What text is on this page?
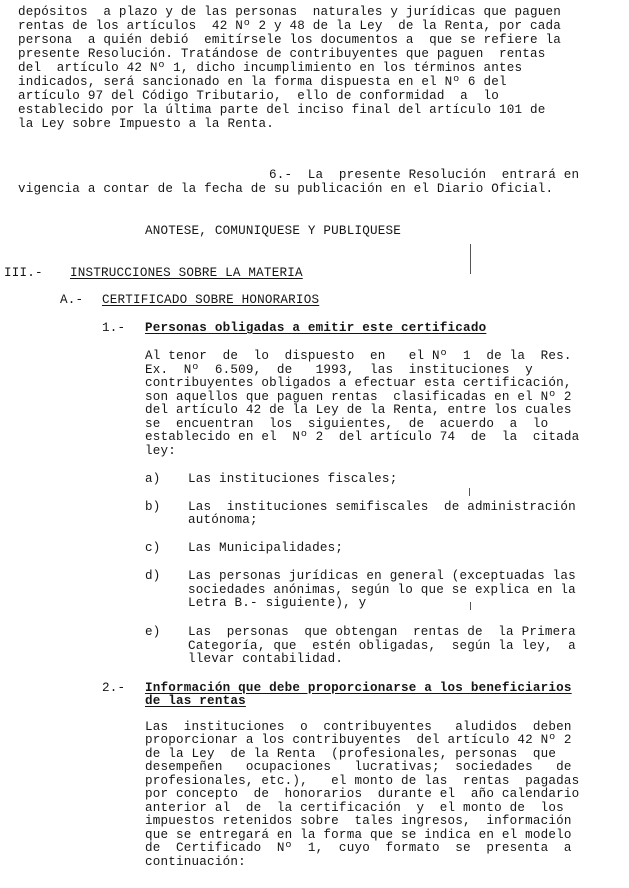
depósitos  a plazo y de las personas  naturales y jurídicas que paguen
rentas de los artículos  42 Nº 2 y 48 de la Ley  de la Renta, por cada
persona  a quién debió  emitírsele los documentos a  que se refiere la
presente Resolución. Tratándose de contribuyentes que paguen  rentas
del  artículo 42 Nº 1, dicho incumplimiento en los términos antes
indicados, será sancionado en la forma dispuesta en el Nº 6 del
artículo 97 del Código Tributario,  ello de conformidad  a  lo
establecido por la última parte del inciso final del artículo 101 de
la Ley sobre Impuesto a la Renta.
6.-  La  presente Resolución  entrará en
vigencia a contar de la fecha de su publicación en el Diario Oficial.
ANOTESE, COMUNIQUESE Y PUBLIQUESE
III.- INSTRUCCIONES SOBRE LA MATERIA
A.- CERTIFICADO SOBRE HONORARIOS
1.- Personas obligadas a emitir este certificado
Al tenor  de  lo  dispuesto  en   el Nº  1  de la  Res.
Ex.  Nº  6.509,  de   1993,  las  instituciones  y
contribuyentes obligados a efectuar esta certificación,
son aquellos que paguen rentas  clasificadas en el Nº 2
del artículo 42 de la Ley de la Renta, entre los cuales
se  encuentran  los  siguientes,  de  acuerdo  a  lo
establecido en el  Nº 2  del artículo 74  de  la  citada
ley:
a) Las instituciones fiscales;
b) Las  instituciones semifiscales  de administración
autónoma;
c) Las Municipalidades;
d) Las personas jurídicas en general (exceptuadas las
sociedades anónimas, según lo que se explica en la
Letra B.- siguiente), y
e) Las  personas  que obtengan  rentas de  la Primera
Categoría, que  estén obligadas,  según la ley,  a
llevar contabilidad.
2.- Información que debe proporcionarse a los beneficiarios
de las rentas
Las  instituciones  o  contribuyentes   aludidos  deben
proporcionar a los contribuyentes  del artículo 42 Nº 2
de la Ley  de la Renta  (profesionales, personas  que
desempeñen   ocupaciones   lucrativas;  sociedades   de
profesionales, etc.),   el monto de las  rentas  pagadas
por concepto  de  honorarios  durante el  año calendario
anterior al  de  la certificación  y  el monto de  los
impuestos retenidos sobre  tales ingresos,  información
que se entregará en la forma que se indica en el modelo
de  Certificado  Nº  1,  cuyo  formato  se  presenta  a
continuación:
